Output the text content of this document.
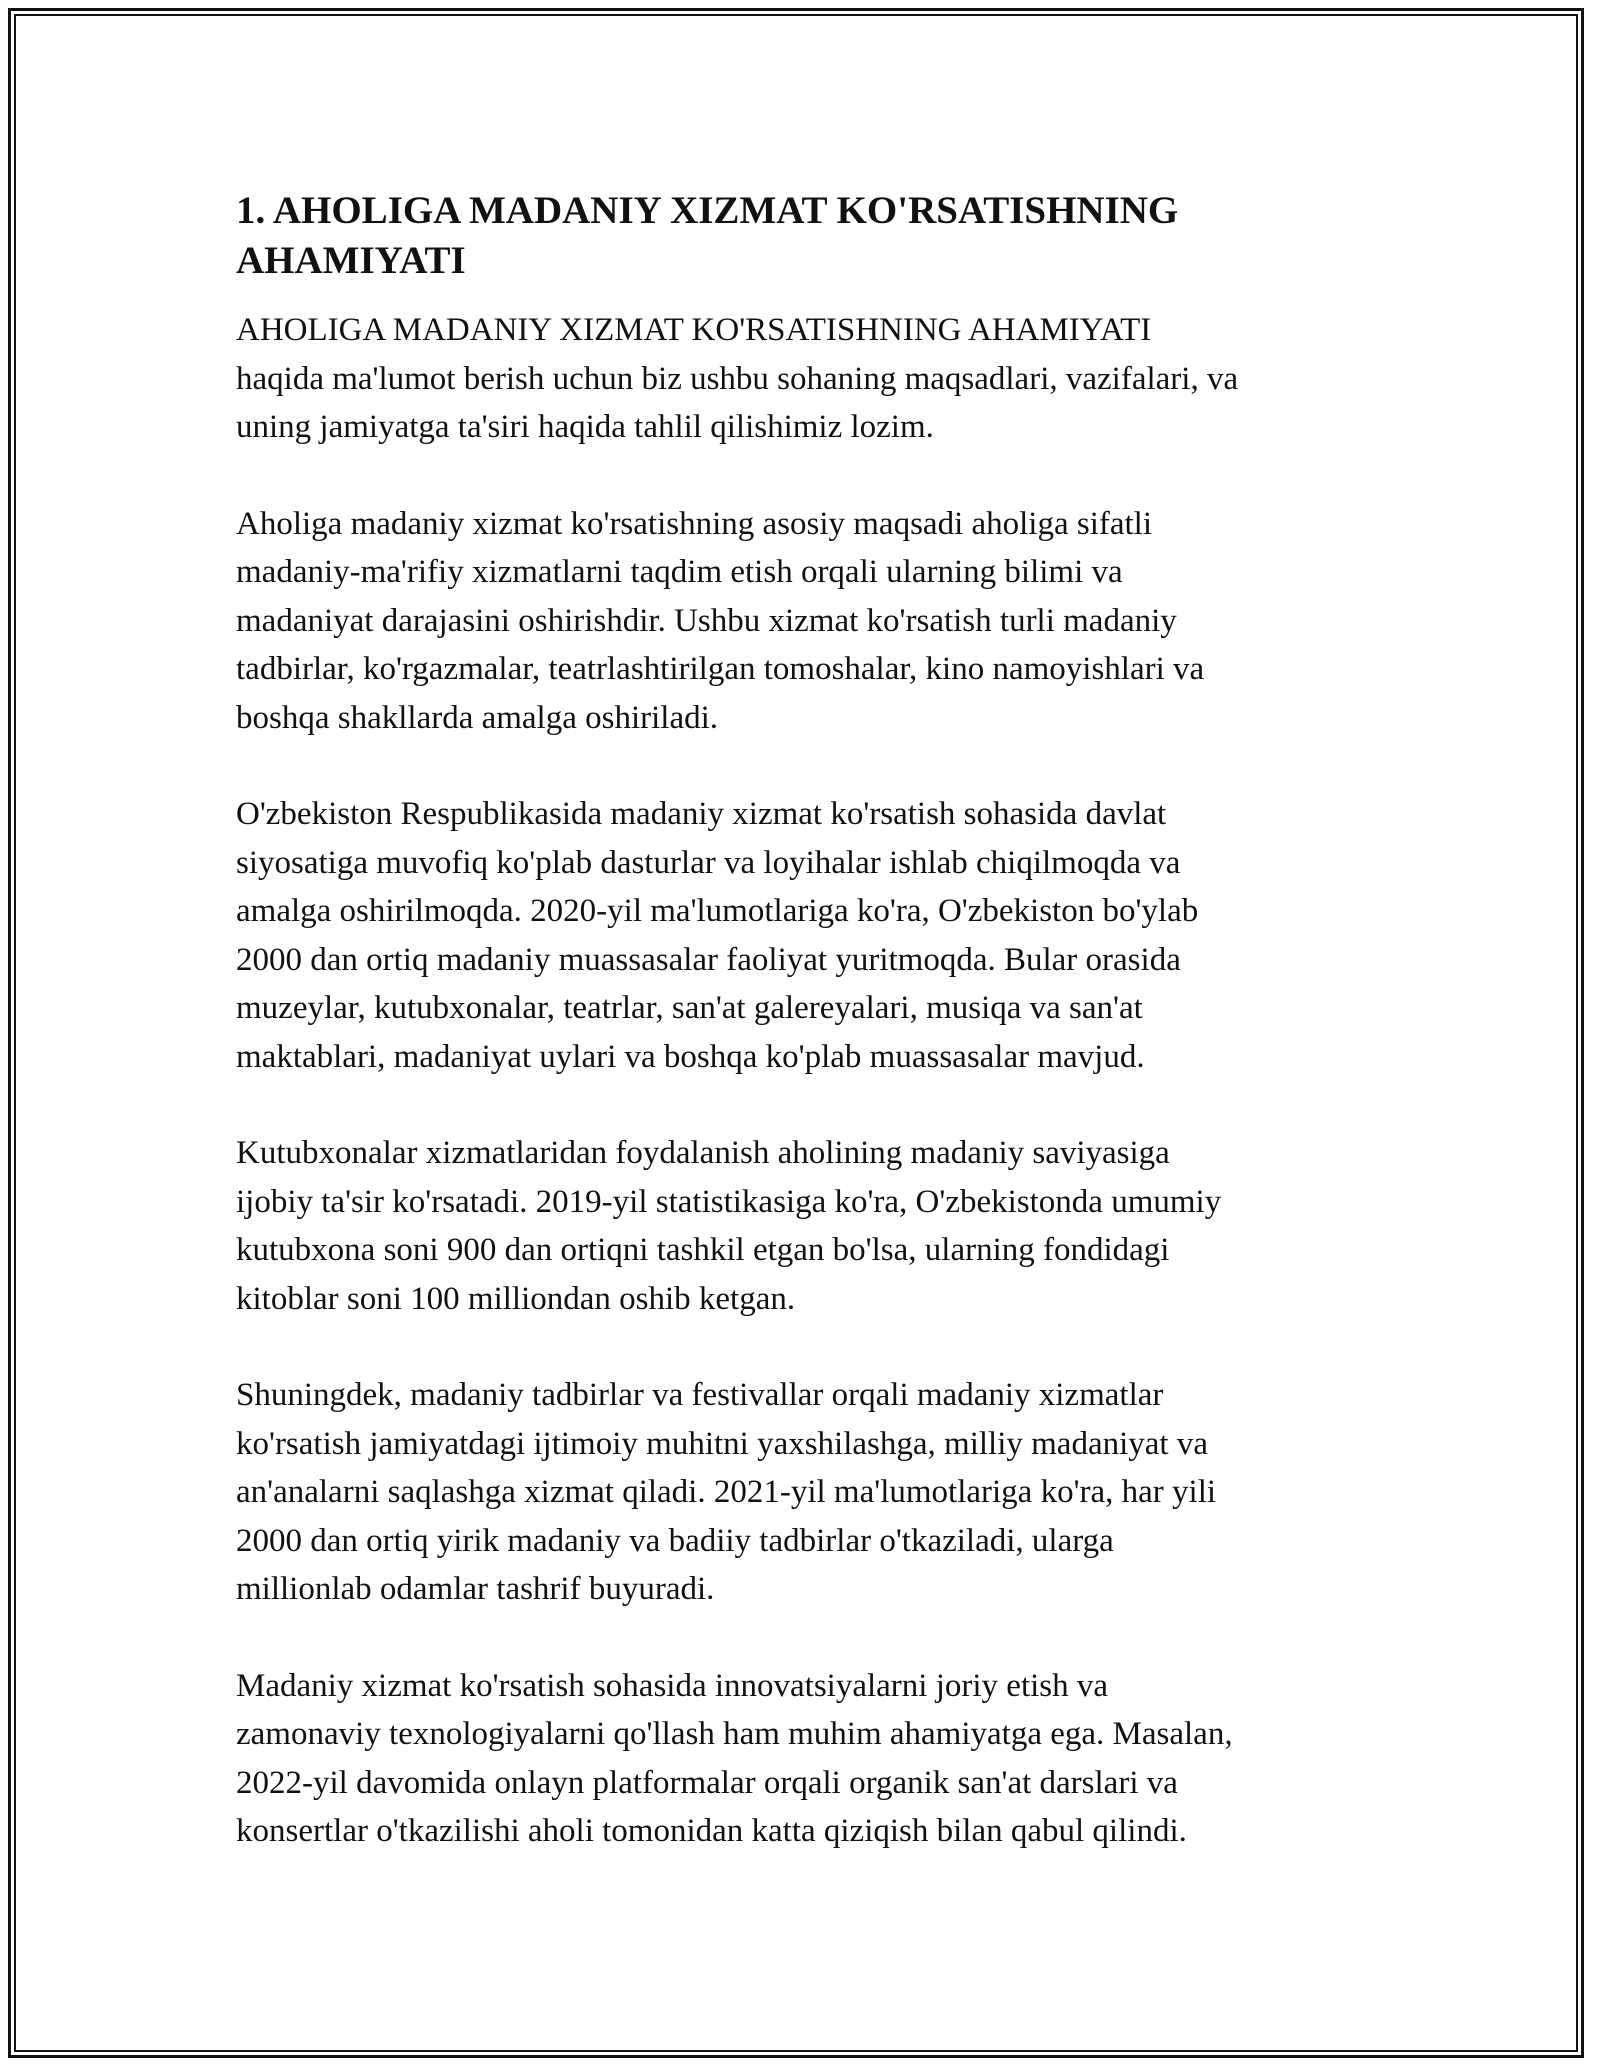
1. AHOLIGA MADANIY XIZMAT KO'RSATISHNING
AHAMIYATI

AHOLIGA MADANIY XIZMAT KO'RSATISHNING AHAMIYATI
haqida ma'lumot berish uchun biz ushbu sohaning maqsadlari, vazifalari, va
uning jamiyatga ta'siri haqida tahlil qilishimiz lozim.

Aholiga madaniy xizmat ko'rsatishning asosiy maqsadi aholiga sifatli
madaniy-ma'rifiy xizmatlarni taqdim etish orqali ularning bilimi va
madaniyat darajasini oshirishdir. Ushbu xizmat ko'rsatish turli madaniy
tadbirlar, ko'rgazmalar, teatrlashtirilgan tomoshalar, kino namoyishlari va
boshqa shakllarda amalga oshiriladi.

O'zbekiston Respublikasida madaniy xizmat ko'rsatish sohasida davlat
siyosatiga muvofiq ko'plab dasturlar va loyihalar ishlab chiqilmoqda va
amalga oshirilmoqda. 2020-yil ma'lumotlariga ko'ra, O'zbekiston bo'ylab
2000 dan ortiq madaniy muassasalar faoliyat yuritmoqda. Bular orasida
muzeylar, kutubxonalar, teatrlar, san'at galereyalari, musiqa va san'at
maktablari, madaniyat uylari va boshqa ko'plab muassasalar mavjud.

Kutubxonalar xizmatlaridan foydalanish aholining madaniy saviyasiga
ijobiy ta'sir ko'rsatadi. 2019-yil statistikasiga ko'ra, O'zbekistonda umumiy
kutubxona soni 900 dan ortiqni tashkil etgan bo'lsa, ularning fondidagi
kitoblar soni 100 milliondan oshib ketgan.

Shuningdek, madaniy tadbirlar va festivallar orqali madaniy xizmatlar
ko'rsatish jamiyatdagi ijtimoiy muhitni yaxshilashga, milliy madaniyat va
an'analarni saqlashga xizmat qiladi. 2021-yil ma'lumotlariga ko'ra, har yili
2000 dan ortiq yirik madaniy va badiiy tadbirlar o'tkaziladi, ularga
millionlab odamlar tashrif buyuradi.

Madaniy xizmat ko'rsatish sohasida innovatsiyalarni joriy etish va
zamonaviy texnologiyalarni qo'llash ham muhim ahamiyatga ega. Masalan,
2022-yil davomida onlayn platformalar orqali organik san'at darslari va
konsertlar o'tkazilishi aholi tomonidan katta qiziqish bilan qabul qilindi.
